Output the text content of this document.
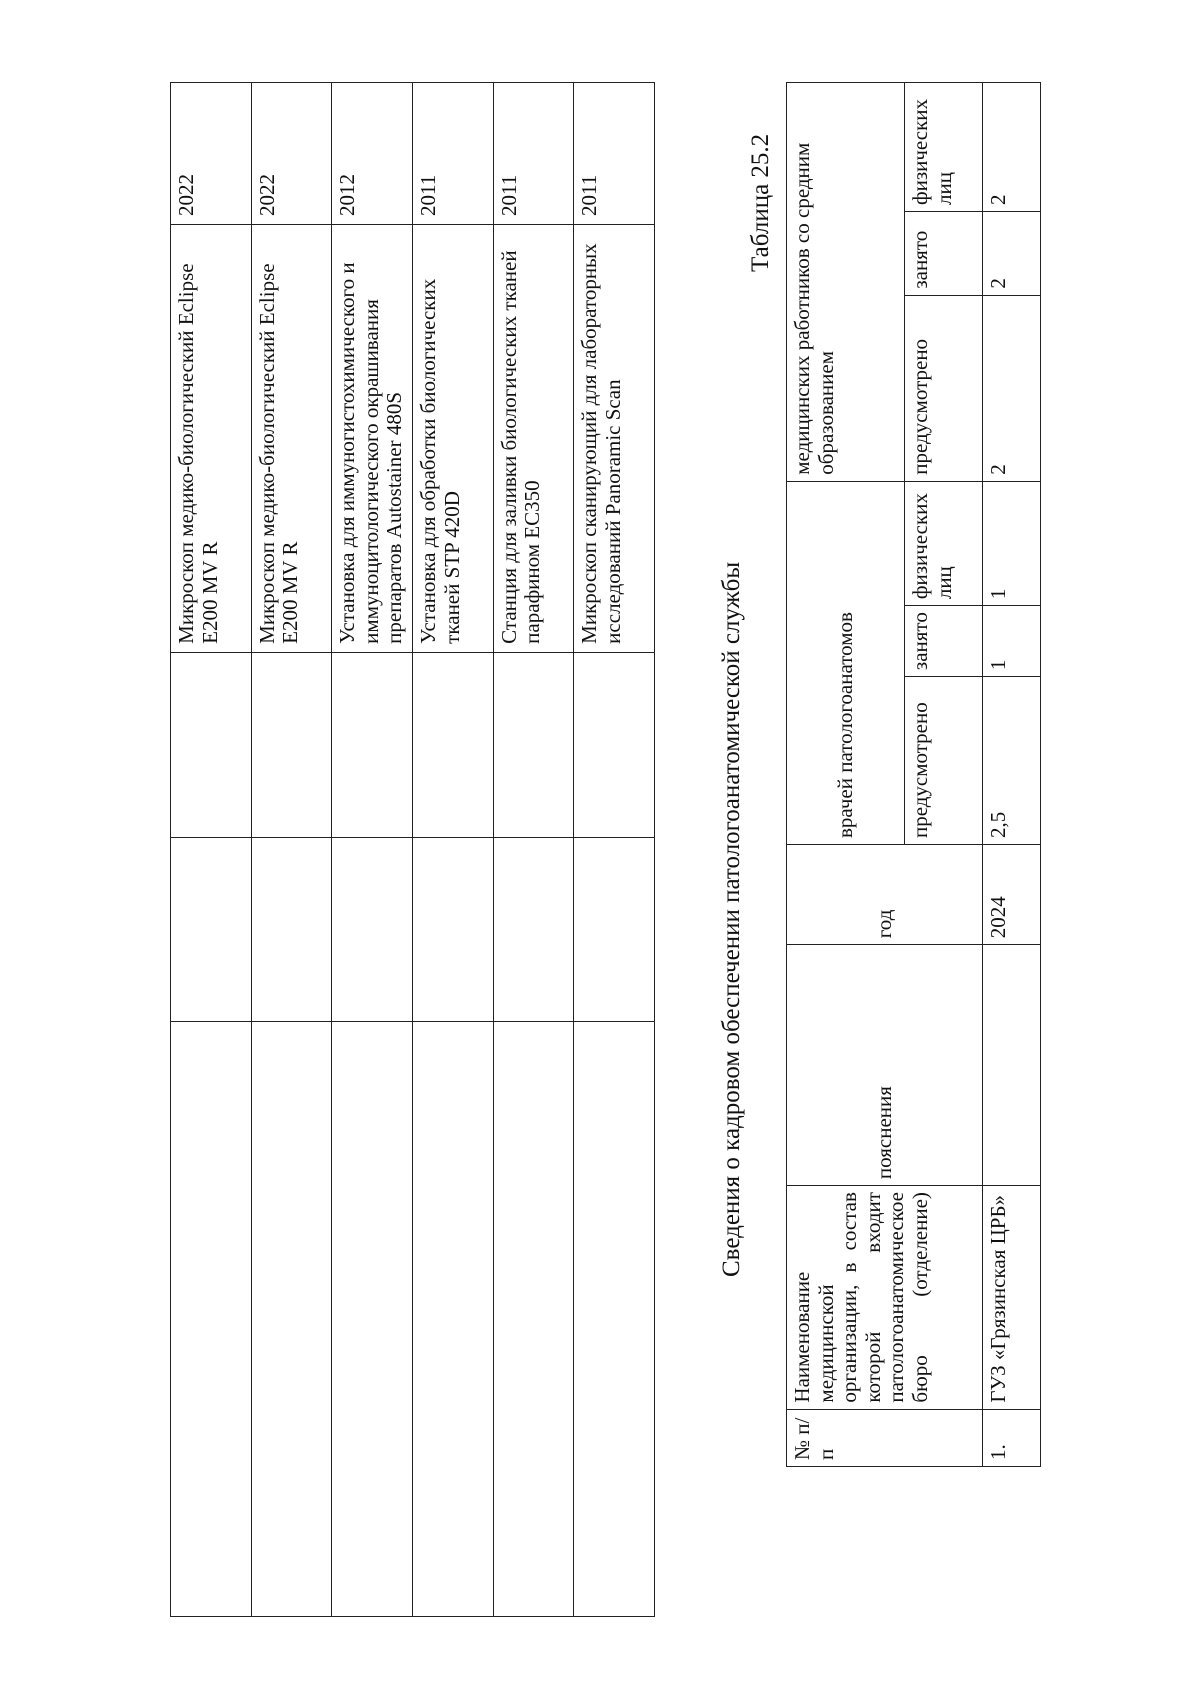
			Микроскоп медико-биологический Eclipse E200 MV R	2022
			Микроскоп медико-биологический Eclipse E200 MV R	2022
			Установка для иммуногистохимического и иммуноцитологического окрашивания препаратов Autostainer 480S	2012
			Установка для обработки биологических тканей STP 420D	2011
			Станция для заливки биологических тканей парафином EC350	2011
			Микроскоп сканирующий для лабораторных исследований Panoramic Scan	2011
Сведения о кадровом обеспечении патологоанатомической службы
Таблица 25.2
№ п/п	Наименование медицинской организации, в состав которой входит патологоанатомическое бюро (отделение)	пояснения	год	врачей патологоанатомов			медицинских работников со средним образованием		
				предусмотрено	занято	физических лиц	предусмотрено	занято	физических лиц
1.	ГУЗ «Грязинская ЦРБ»		2024	2,5	1	1	2	2	2
